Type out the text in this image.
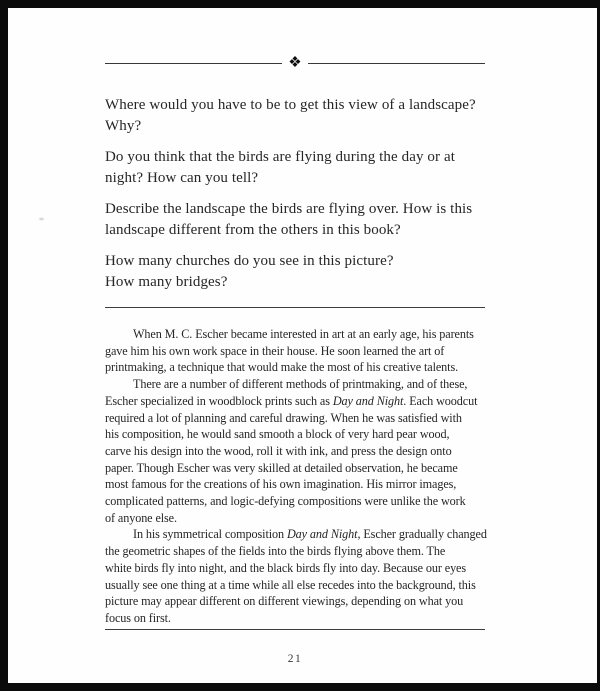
❖
Where would you have to be to get this view of a landscape?
Why?
Do you think that the birds are flying during the day or at
night? How can you tell?
Describe the landscape the birds are flying over. How is this
landscape different from the others in this book?
How many churches do you see in this picture?
How many bridges?
When M. C. Escher became interested in art at an early age, his parents
gave him his own work space in their house. He soon learned the art of
printmaking, a technique that would make the most of his creative talents.
There are a number of different methods of printmaking, and of these,
Escher specialized in woodblock prints such as Day and Night. Each woodcut
required a lot of planning and careful drawing. When he was satisfied with
his composition, he would sand smooth a block of very hard pear wood,
carve his design into the wood, roll it with ink, and press the design onto
paper. Though Escher was very skilled at detailed observation, he became
most famous for the creations of his own imagination. His mirror images,
complicated patterns, and logic-defying compositions were unlike the work
of anyone else.
In his symmetrical composition Day and Night, Escher gradually changed
the geometric shapes of the fields into the birds flying above them. The
white birds fly into night, and the black birds fly into day. Because our eyes
usually see one thing at a time while all else recedes into the background, this
picture may appear different on different viewings, depending on what you
focus on first.
21
